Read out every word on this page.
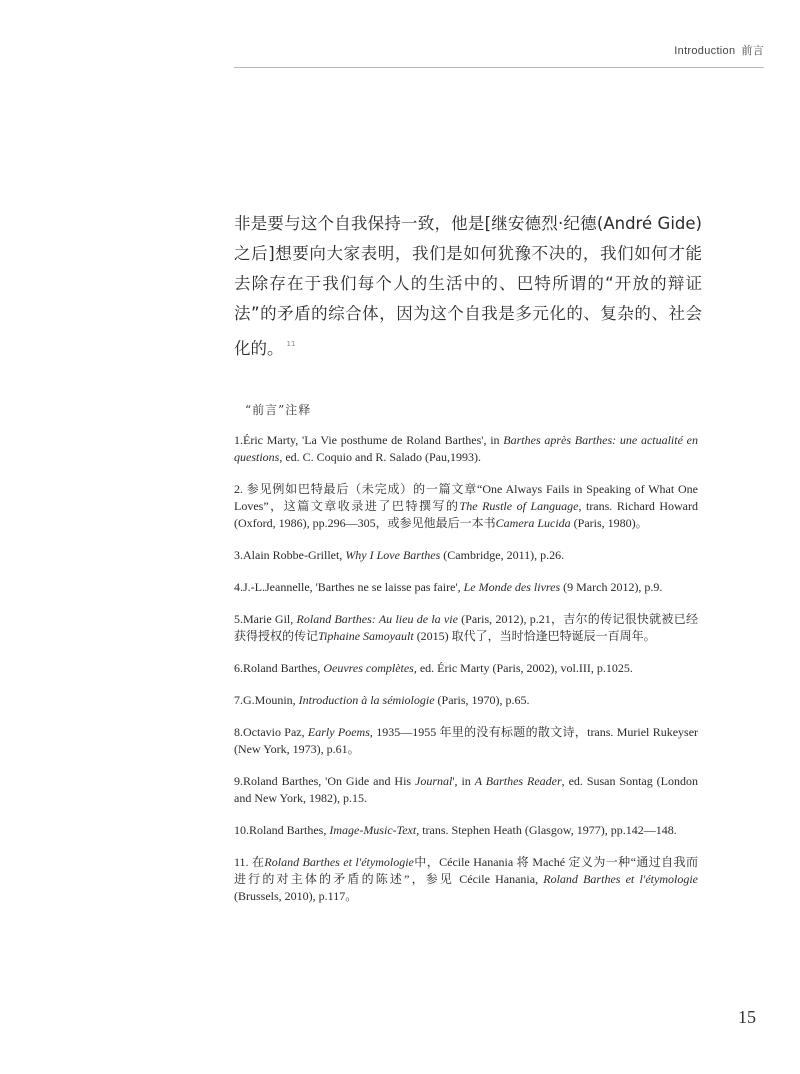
Introduction 前言
非是要与这个自我保持一致，他是[继安德烈·纪德(André Gide)之后]想要向大家表明，我们是如何犹豫不决的，我们如何才能去除存在于我们每个人的生活中的、巴特所谓的“开放的辩证法”的矛盾的综合体，因为这个自我是多元化的、复杂的、社会化的。 $^{11}$
“前言”注释
1.Éric Marty, 'La Vie posthume de Roland Barthes', in Barthes après Barthes: une actualité en questions, ed. C. Coquio and R. Salado (Pau,1993).
2. 参见例如巴特最后（未完成）的一篇文章“One Always Fails in Speaking of What One Loves”，这篇文章收录进了巴特撰写的The Rustle of Language, trans. Richard Howard (Oxford, 1986), pp.296—305，或参见他最后一本书Camera Lucida (Paris, 1980)。
3.Alain Robbe-Grillet, Why I Love Barthes (Cambridge, 2011), p.26.
4.J.-L.Jeannelle, 'Barthes ne se laisse pas faire', Le Monde des livres (9 March 2012), p.9.
5.Marie Gil, Roland Barthes: Au lieu de la vie (Paris, 2012), p.21，吉尔的传记很快就被已经获得授权的传记Tiphaine Samoyault (2015) 取代了，当时恰逢巴特诞辰一百周年。
6.Roland Barthes, Oeuvres complètes, ed. Éric Marty (Paris, 2002), vol.III, p.1025.
7.G.Mounin, Introduction à la sémiologie (Paris, 1970), p.65.
8.Octavio Paz, Early Poems, 1935—1955 年里的没有标题的散文诗，trans. Muriel Rukeyser (New York, 1973), p.61。
9.Roland Barthes, 'On Gide and His Journal', in A Barthes Reader, ed. Susan Sontag (London and New York, 1982), p.15.
10.Roland Barthes, Image-Music-Text, trans. Stephen Heath (Glasgow, 1977), pp.142—148.
11. 在Roland Barthes et l'étymologie中，Cécile Hanania 将 Maché 定义为一种“通过自我而进行的对主体的矛盾的陈述”，参见 Cécile Hanania, Roland Barthes et l'étymologie (Brussels, 2010), p.117。
15
